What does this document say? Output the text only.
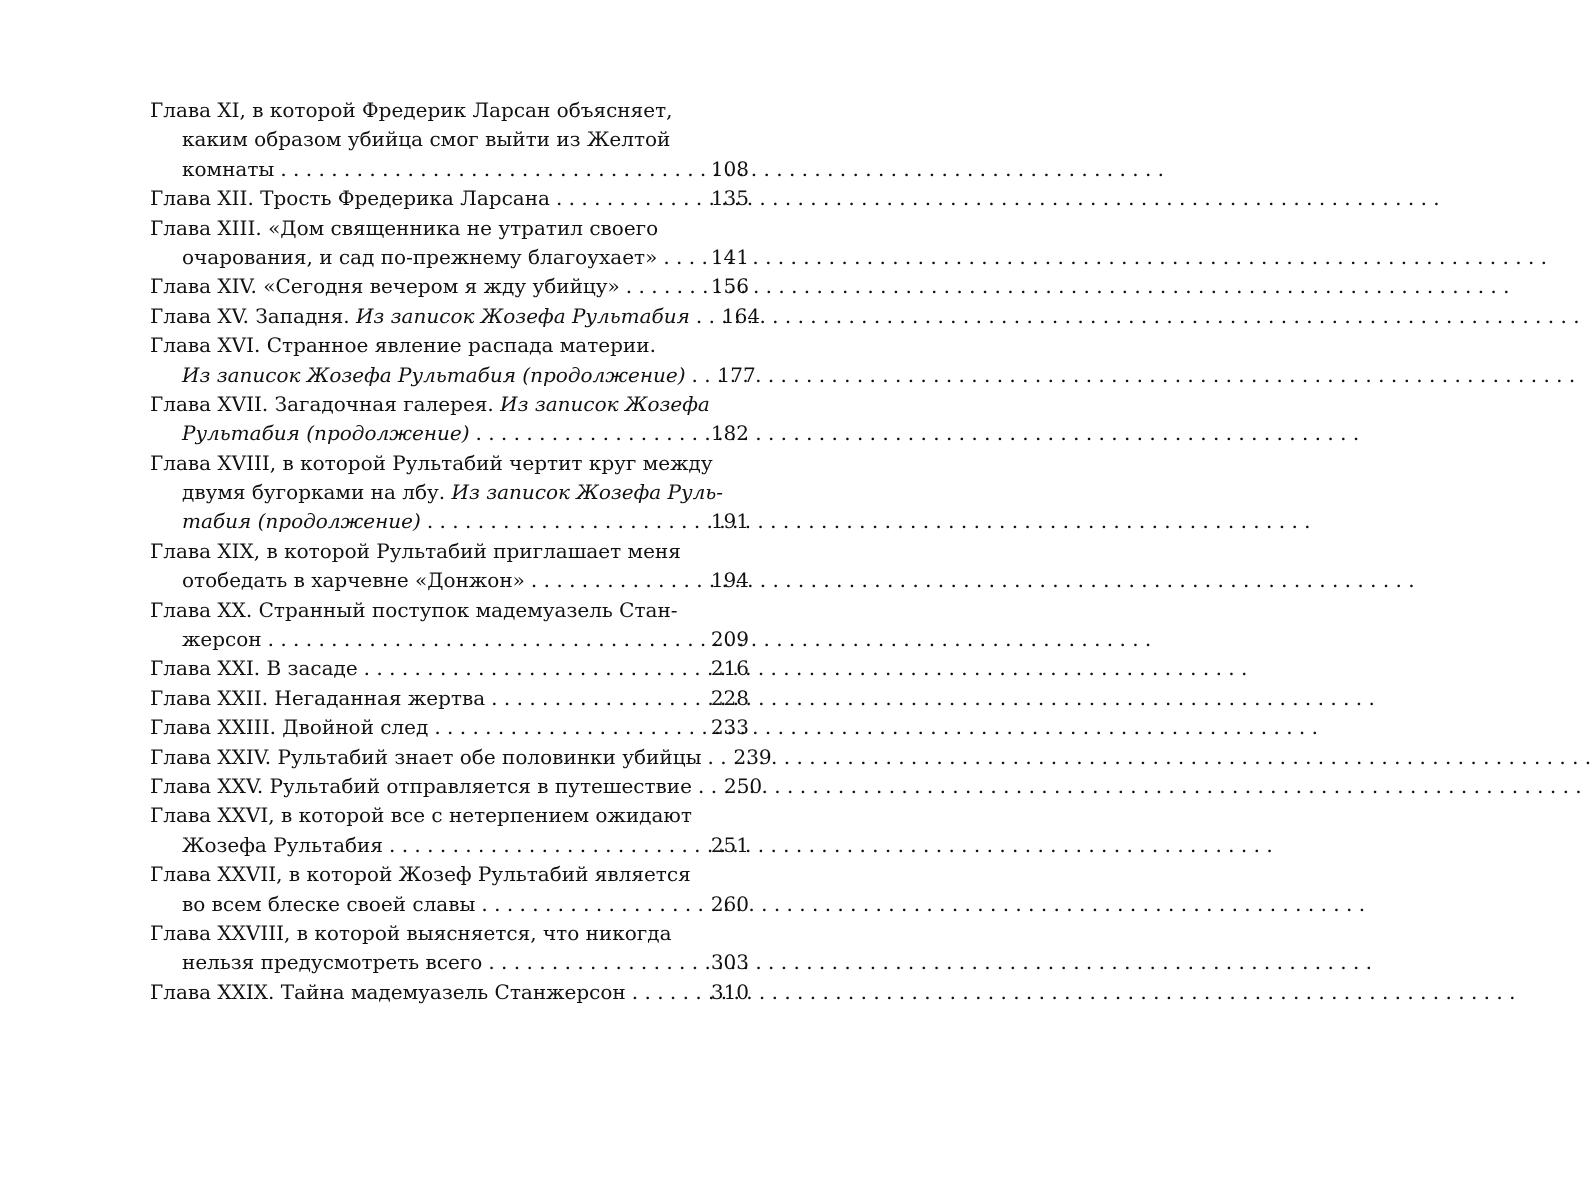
Глава XI, в которой Фредерик Ларсан объясняет,
каким образом убийца смог выйти из Желтой
комнаты . . .	108
Глава XII. Трость Фредерика Ларсана . . .	135
Глава XIII. «Дом священника не утратил своего
очарования, и сад по-прежнему благоухает» . . .	141
Глава XIV. «Сегодня вечером я жду убийцу» . . .	156
Глава XV. Западня. Из записок Жозефа Рультабия . . . 164
Глава XVI. Странное явление распада материи.
Из записок Жозефа Рультабия (продолжение) . . . 177
Глава XVII. Загадочная галерея. Из записок Жозефа
Рультабия (продолжение) . . .	182
Глава XVIII, в которой Рультабий чертит круг между
двумя бугорками на лбу. Из записок Жозефа Руль-
табия (продолжение) . . .	191
Глава XIX, в которой Рультабий приглашает меня
отобедать в харчевне «Донжон» . . .	194
Глава XX. Странный поступок мадемуазель Стан-
жерсон . . .	209
Глава XXI. В засаде . . .	216
Глава XXII. Негаданная жертва . . .	228
Глава XXIII. Двойной след . . .	233
Глава XXIV. Рультабий знает обе половинки убийцы . . . 239
Глава XXV. Рультабий отправляется в путешествие . . . 250
Глава XXVI, в которой все с нетерпением ожидают
Жозефа Рультабия . . .	251
Глава XXVII, в которой Жозеф Рультабий является
во всем блеске своей славы . . .	260
Глава XXVIII, в которой выясняется, что никогда
нельзя предусмотреть всего . . .	303
Глава XXIX. Тайна мадемуазель Станжерсон . . .	310
